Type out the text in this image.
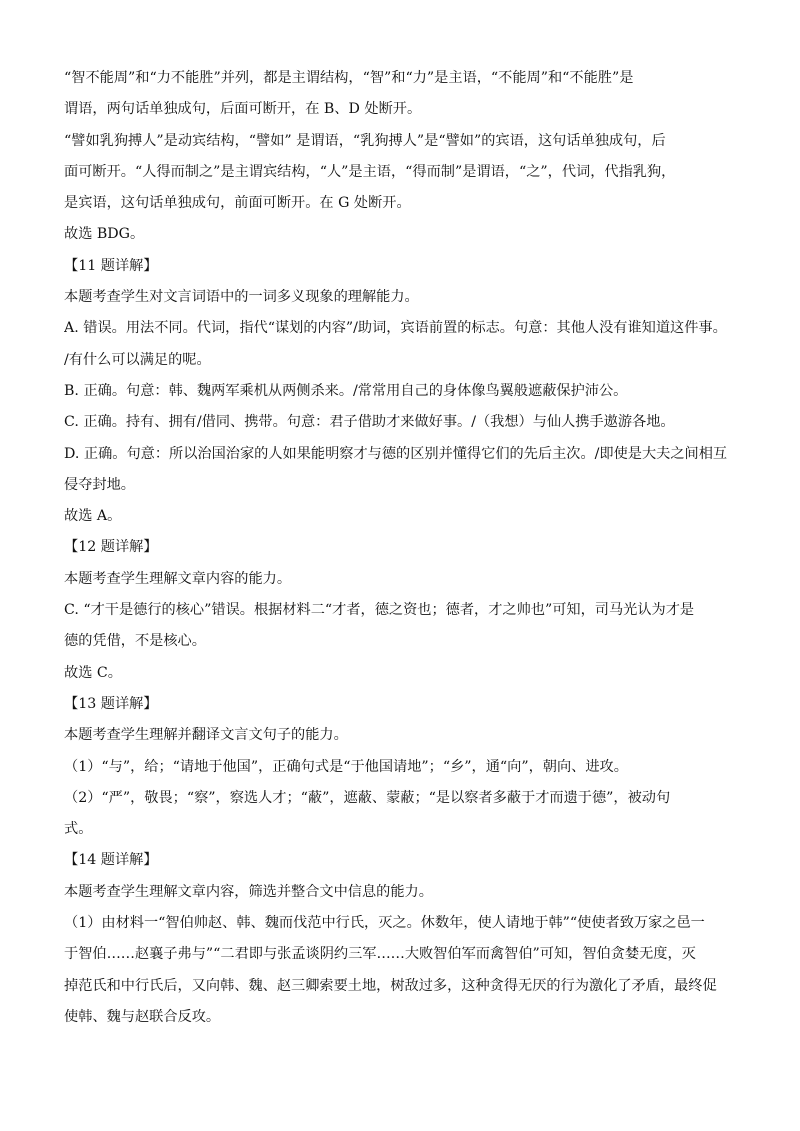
“智不能周”和“力不能胜”并列，都是主谓结构，“智”和“力”是主语，“不能周”和“不能胜”是
谓语，两句话单独成句，后面可断开，在 B、D 处断开。
“譬如乳狗搏人”是动宾结构，“譬如” 是谓语，“乳狗搏人”是“譬如”的宾语，这句话单独成句，后
面可断开。“人得而制之”是主谓宾结构，“人”是主语，“得而制”是谓语，“之”，代词，代指乳狗，
是宾语，这句话单独成句，前面可断开。在 G 处断开。
故选 BDG。
【11 题详解】
本题考查学生对文言词语中的一词多义现象的理解能力。
A. 错误。用法不同。代词，指代“谋划的内容”/助词，宾语前置的标志。句意：其他人没有谁知道这件事。
/有什么可以满足的呢。
B. 正确。句意：韩、魏两军乘机从两侧杀来。/常常用自己的身体像鸟翼般遮蔽保护沛公。
C. 正确。持有、拥有/借同、携带。句意：君子借助才来做好事。/（我想）与仙人携手遨游各地。
D. 正确。句意：所以治国治家的人如果能明察才与德的区别并懂得它们的先后主次。/即使是大夫之间相互
侵夺封地。
故选 A。
【12 题详解】
本题考查学生理解文章内容的能力。
C. “才干是德行的核心”错误。根据材料二“才者，德之资也；德者，才之帅也”可知，司马光认为才是
德的凭借，不是核心。
故选 C。
【13 题详解】
本题考查学生理解并翻译文言文句子的能力。
（1）“与”，给；“请地于他国”，正确句式是“于他国请地”；“乡”，通“向”，朝向、进攻。
（2）“严”，敬畏；“察”，察选人才；“蔽”，遮蔽、蒙蔽；“是以察者多蔽于才而遗于德”，被动句
式。
【14 题详解】
本题考查学生理解文章内容，筛选并整合文中信息的能力。
（1）由材料一“智伯帅赵、韩、魏而伐范中行氏，灭之。休数年，使人请地于韩”“使使者致万家之邑一
于智伯……赵襄子弗与”“二君即与张孟谈阴约三军……大败智伯军而禽智伯”可知，智伯贪婪无度，灭
掉范氏和中行氏后，又向韩、魏、赵三卿索要土地，树敌过多，这种贪得无厌的行为激化了矛盾，最终促
使韩、魏与赵联合反攻。
